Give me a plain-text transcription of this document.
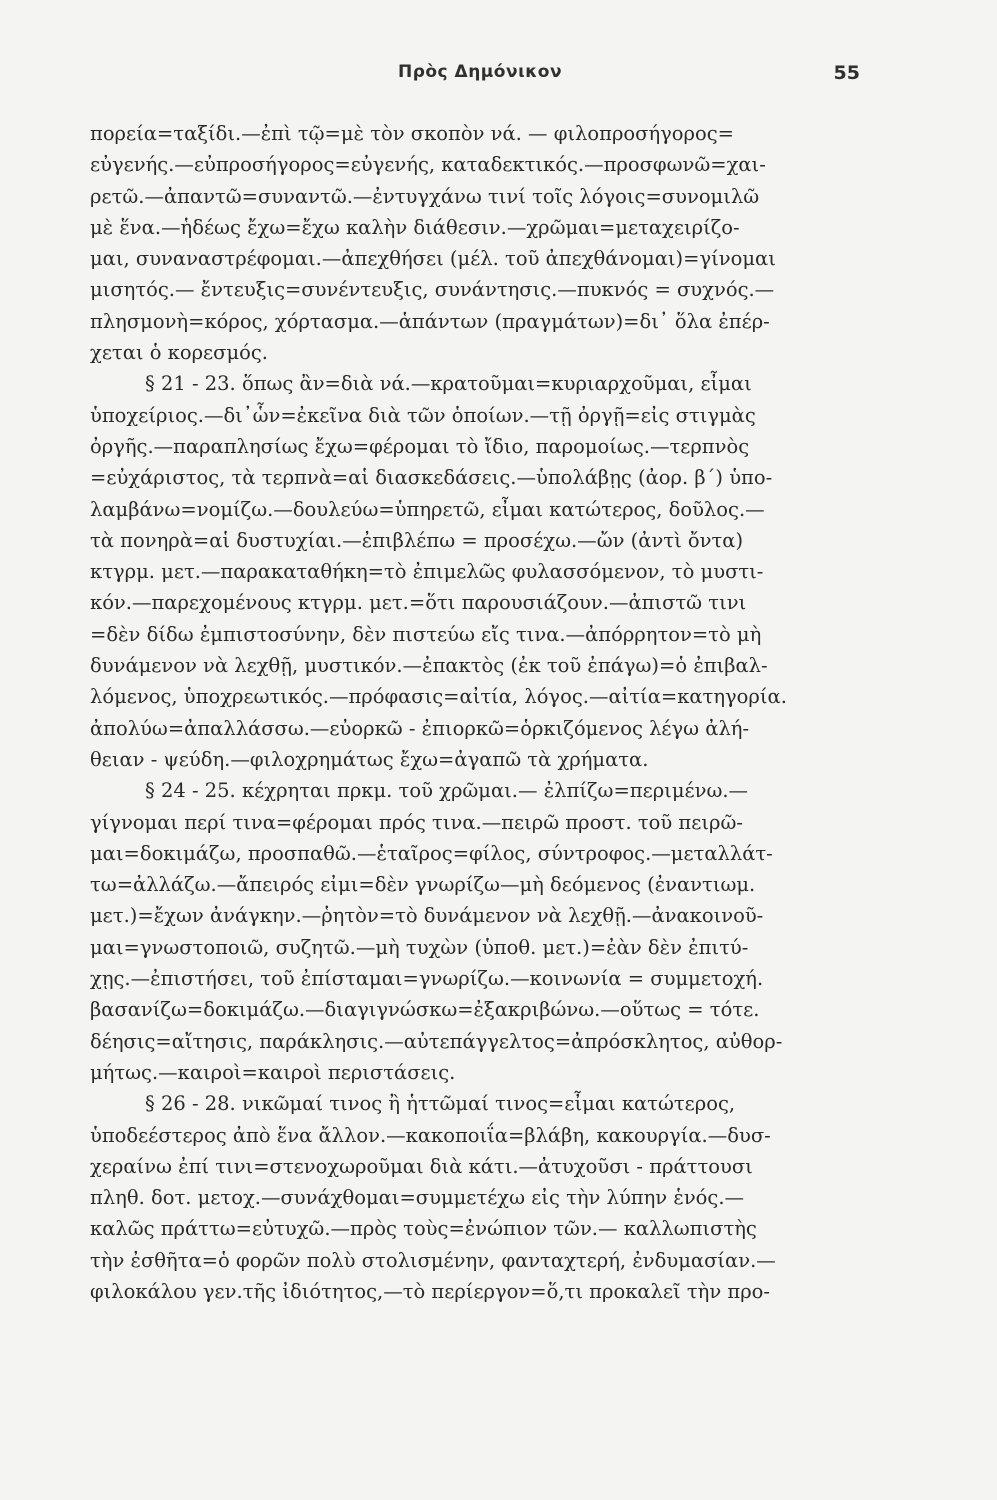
Πρὸς Δημόνικον	55
πορεία=ταξίδι.—ἐπὶ τῷ=μὲ τὸν σκοπὸν νά. — φιλοπροσήγορος=
εὐγενής.—εὐπροσήγορος=εὐγενής, καταδεκτικός.—προσφωνῶ=χαι-
ρετῶ.—ἀπαντῶ=συναντῶ.—ἐντυγχάνω τινί τοῖς λόγοις=συνομιλῶ
μὲ ἕνα.—ἡδέως ἔχω=ἔχω καλὴν διάθεσιν.—χρῶμαι=μεταχειρίζο-
μαι, συναναστρέφομαι.—ἀπεχθήσει (μέλ. τοῦ ἀπεχθάνομαι)=γίνομαι
μισητός.— ἔντευξις=συνέντευξις, συνάντησις.—πυκνός = συχνός.—
πλησμονὴ=κόρος, χόρτασμα.—ἁπάντων (πραγμάτων)=δι᾽ ὅλα ἐπέρ-
χεται ὁ κορεσμός.
§ 21 - 23. ὅπως ἂν=διὰ νά.—κρατοῦμαι=κυριαρχοῦμαι, εἶμαι
ὑποχείριος.—δι᾽ὧν=ἐκεῖνα διὰ τῶν ὁποίων.—τῇ ὀργῇ=εἰς στιγμὰς
ὀργῆς.—παραπλησίως ἔχω=φέρομαι τὸ ἴδιο, παρομοίως.—τερπνὸς
=εὐχάριστος, τὰ τερπνὰ=αἱ διασκεδάσεις.—ὑπολάβῃς (ἀορ. β΄) ὑπο-
λαμβάνω=νομίζω.—δουλεύω=ὑπηρετῶ, εἶμαι κατώτερος, δοῦλος.—
τὰ πονηρὰ=αἱ δυστυχίαι.—ἐπιβλέπω = προσέχω.—ὤν (ἀντὶ ὄντα)
κτγρμ. μετ.—παρακαταθήκη=τὸ ἐπιμελῶς φυλασσόμενον, τὸ μυστι-
κόν.—παρεχομένους κτγρμ. μετ.=ὅτι παρουσιάζουν.—ἀπιστῶ τινι
=δὲν δίδω ἐμπιστοσύνην, δὲν πιστεύω εἴς τινα.—ἀπόρρητον=τὸ μὴ
δυνάμενον νὰ λεχθῇ, μυστικόν.—ἐπακτὸς (ἐκ τοῦ ἐπάγω)=ὁ ἐπιβαλ-
λόμενος, ὑποχρεωτικός.—πρόφασις=αἰτία, λόγος.—αἰτία=κατηγορία.
ἀπολύω=ἀπαλλάσσω.—εὐορκῶ - ἐπιορκῶ=ὁρκιζόμενος λέγω ἀλή-
θειαν - ψεύδη.—φιλοχρημάτως ἔχω=ἀγαπῶ τὰ χρήματα.
§ 24 - 25. κέχρηται πρκμ. τοῦ χρῶμαι.— ἐλπίζω=περιμένω.—
γίγνομαι περί τινα=φέρομαι πρός τινα.—πειρῶ προστ. τοῦ πειρῶ-
μαι=δοκιμάζω, προσπαθῶ.—ἑταῖρος=φίλος, σύντροφος.—μεταλλάτ-
τω=ἀλλάζω.—ἄπειρός εἰμι=δὲν γνωρίζω—μὴ δεόμενος (ἐναντιωμ.
μετ.)=ἔχων ἀνάγκην.—ῥητὸν=τὸ δυνάμενον νὰ λεχθῇ.—ἀνακοινοῦ-
μαι=γνωστοποιῶ, συζητῶ.—μὴ τυχὼν (ὑποθ. μετ.)=ἐὰν δὲν ἐπιτύ-
χῃς.—ἐπιστήσει, τοῦ ἐπίσταμαι=γνωρίζω.—κοινωνία = συμμετοχή.
βασανίζω=δοκιμάζω.—διαγιγνώσκω=ἐξακριβώνω.—οὕτως = τότε.
δέησις=αἴτησις, παράκλησις.—αὐτεπάγγελτος=ἀπρόσκλητος, αὐθορ-
μήτως.—καιροὶ=καιροὶ περιστάσεις.
§ 26 - 28. νικῶμαί τινος ἢ ἡττῶμαί τινος=εἶμαι κατώτερος,
ὑποδεέστερος ἀπὸ ἕνα ἄλλον.—κακοποιΐα=βλάβη, κακουργία.—δυσ-
χεραίνω ἐπί τινι=στενοχωροῦμαι διὰ κάτι.—ἀτυχοῦσι - πράττουσι
πληθ. δοτ. μετοχ.—συνάχθομαι=συμμετέχω εἰς τὴν λύπην ἑνός.—
καλῶς πράττω=εὐτυχῶ.—πρὸς τοὺς=ἐνώπιον τῶν.— καλλωπιστὴς
τὴν ἐσθῆτα=ὁ φορῶν πολὺ στολισμένην, φανταχτερή, ἐνδυμασίαν.—
φιλοκάλου γεν.τῆς ἰδιότητος,—τὸ περίεργον=ὅ,τι προκαλεῖ τὴν προ-
